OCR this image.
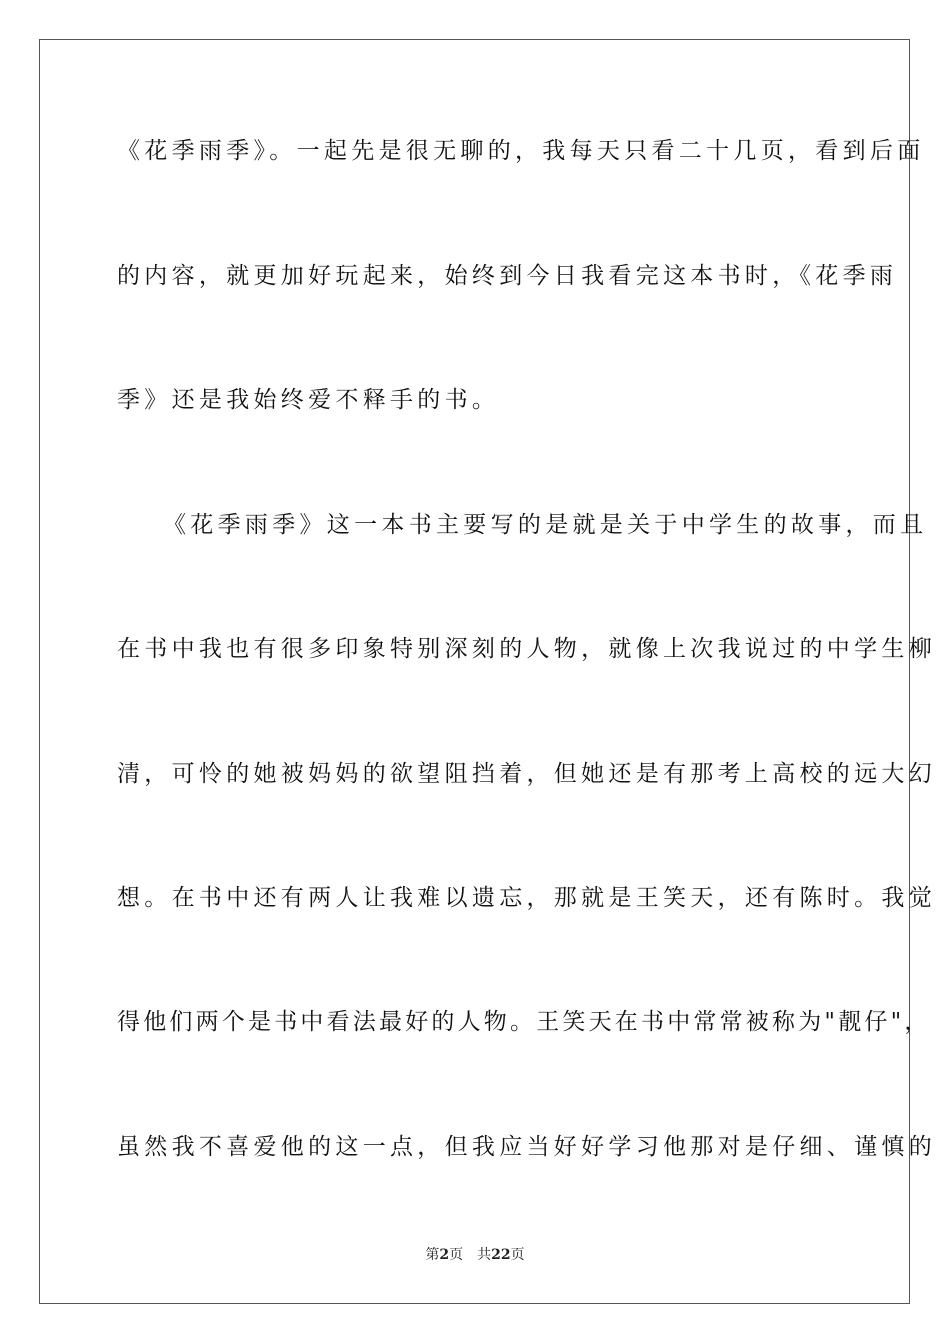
《花季雨季》。一起先是很无聊的，我每天只看二十几页，看到后面
的内容，就更加好玩起来，始终到今日我看完这本书时，《花季雨
季》还是我始终爱不释手的书。
《花季雨季》这一本书主要写的是就是关于中学生的故事，而且
在书中我也有很多印象特别深刻的人物，就像上次我说过的中学生柳
清，可怜的她被妈妈的欲望阻挡着，但她还是有那考上高校的远大幻
想。在书中还有两人让我难以遗忘，那就是王笑天，还有陈时。我觉
得他们两个是书中看法最好的人物。王笑天在书中常常被称为"靓仔"，
虽然我不喜爱他的这一点，但我应当好好学习他那对是仔细、谨慎的
第2页 共22页
